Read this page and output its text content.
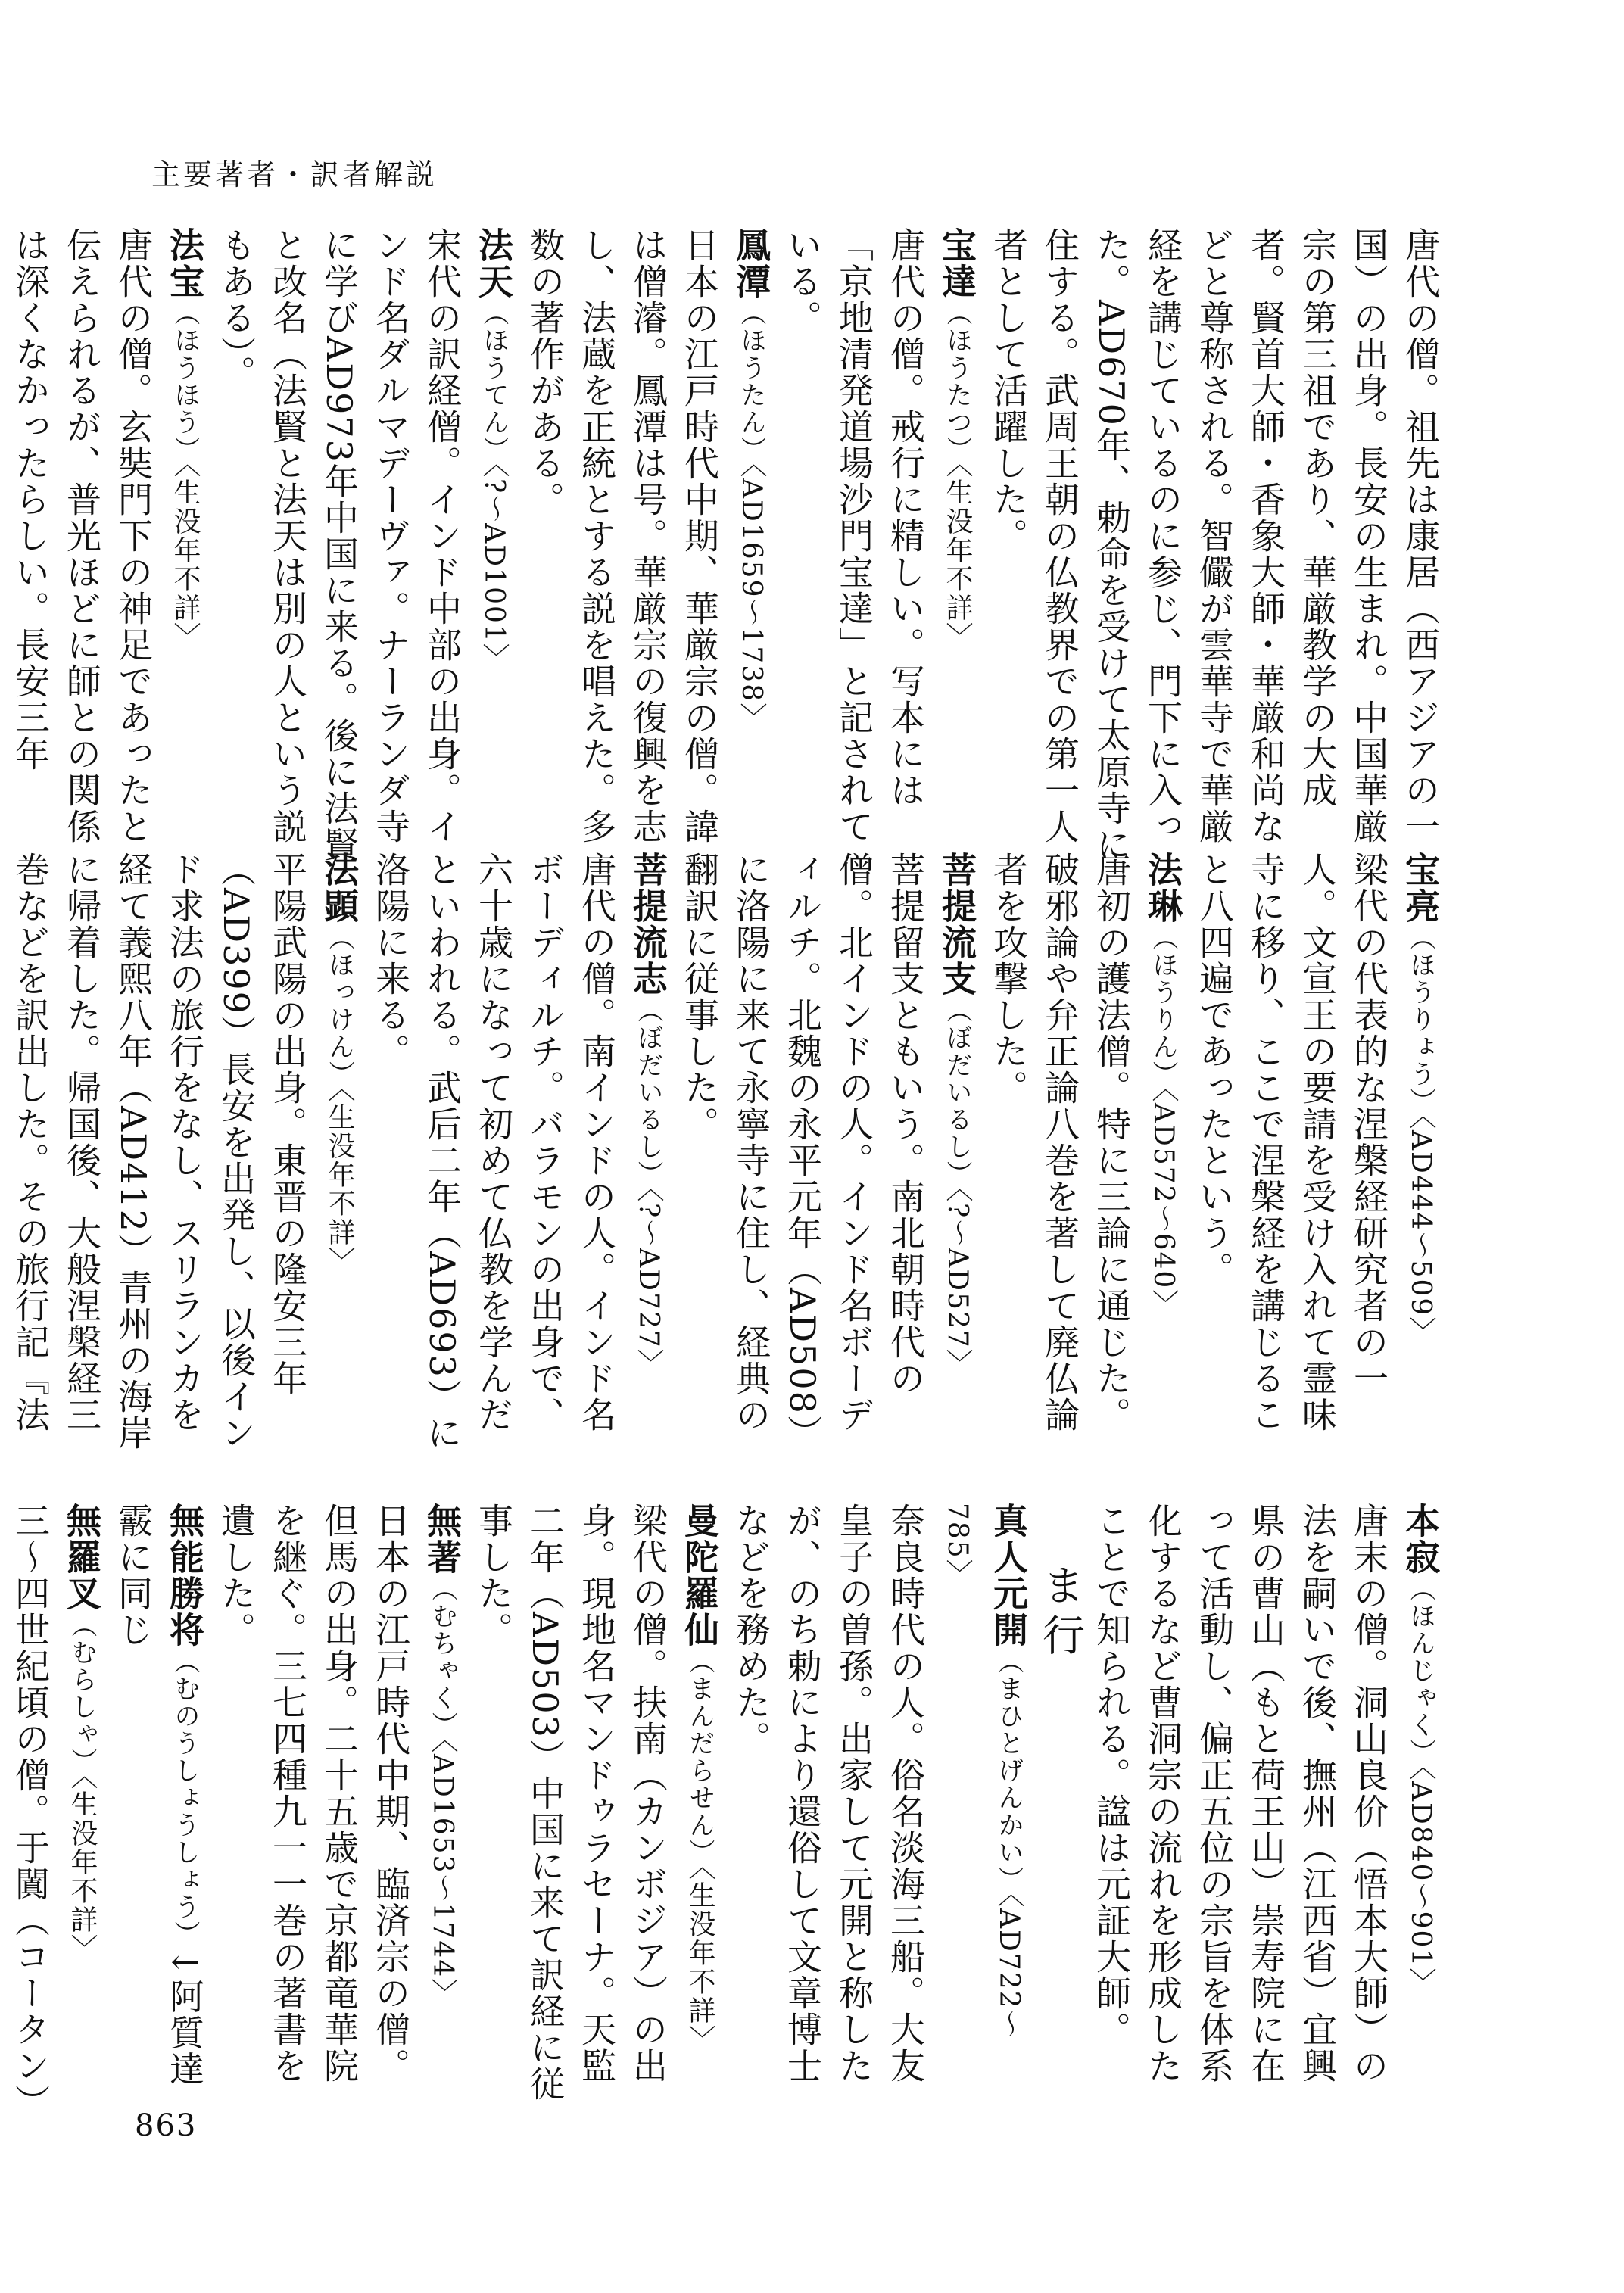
主要著者・訳者解説

唐代の僧。祖先は康居（西アジアの一国）の出身。長安の生まれ。中国華厳宗の第三祖であり、華厳教学の大成者。賢首大師・香象大師・華厳和尚などと尊称される。智儼が雲華寺で華厳経を講じているのに参じ、門下に入った。AD670年、勅命を受けて太原寺に住する。武周王朝の仏教界での第一人者として活躍した。

宝達（ほうたつ）〈生没年不詳〉

唐代の僧。戒行に精しい。写本には「京地清発道場沙門宝達」と記されている。

鳳潭（ほうたん）〈AD1659〜1738〉

日本の江戸時代中期、華厳宗の僧。諱は僧濬。鳳潭は号。華厳宗の復興を志し、法蔵を正統とする説を唱えた。多数の著作がある。

法天（ほうてん）〈?〜AD1001〉

宋代の訳経僧。インド中部の出身。インド名ダルマデーヴァ。ナーランダ寺に学びAD973年中国に来る。後に法賢と改名（法賢と法天は別の人という説もある）。

法宝（ほうほう）〈生没年不詳〉

唐代の僧。玄奘門下の神足であったと伝えられるが、普光ほどに師との関係は深くなかったらしい。長安三年

宝亮（ほうりょう）〈AD444〜509〉

梁代の代表的な涅槃経研究者の一人。文宣王の要請を受け入れて霊味寺に移り、ここで涅槃経を講じること八四遍であったという。

法琳（ほうりん）〈AD572〜640〉

唐初の護法僧。特に三論に通じた。破邪論や弁正論八巻を著して廃仏論者を攻撃した。

菩提流支（ぼだいるし）〈?〜AD527〉

菩提留支ともいう。南北朝時代の僧。北インドの人。インド名ボーディルチ。北魏の永平元年（AD508）に洛陽に来て永寧寺に住し、経典の翻訳に従事した。

菩提流志（ぼだいるし）〈?〜AD727〉

唐代の僧。南インドの人。インド名ボーディルチ。バラモンの出身で、六十歳になって初めて仏教を学んだといわれる。武后二年（AD693）に洛陽に来る。

法顕（ほっけん）〈生没年不詳〉

平陽武陽の出身。東晋の隆安三年（AD399）長安を出発し、以後インド求法の旅行をなし、スリランカを経て義熙八年（AD412）青州の海岸に帰着した。帰国後、大般涅槃経三巻などを訳出した。その旅行記『法

本寂（ほんじゃく）〈AD840〜901〉

唐末の僧。洞山良价（悟本大師）の法を嗣いで後、撫州（江西省）宜興県の曹山（もと荷王山）崇寿院に在って活動し、偏正五位の宗旨を体系化するなど曹洞宗の流れを形成したことで知られる。諡は元証大師。

ま行

真人元開（まひとげんかい）〈AD722〜785〉

奈良時代の人。俗名淡海三船。大友皇子の曽孫。出家して元開と称したが、のち勅により還俗して文章博士などを務めた。

曼陀羅仙（まんだらせん）〈生没年不詳〉

梁代の僧。扶南（カンボジア）の出身。現地名マンドゥラセーナ。天監二年（AD503）中国に来て訳経に従事した。

無著（むちゃく）〈AD1653〜1744〉

日本の江戸時代中期、臨済宗の僧。但馬の出身。二十五歳で京都竜華院を継ぐ。三七四種九一一巻の著書を遺した。

無能勝将（むのうしょうしょう）↓阿質達霰に同じ

無羅叉（むらしゃ）〈生没年不詳〉

三〜四世紀頃の僧。于闐（コータン）

863
